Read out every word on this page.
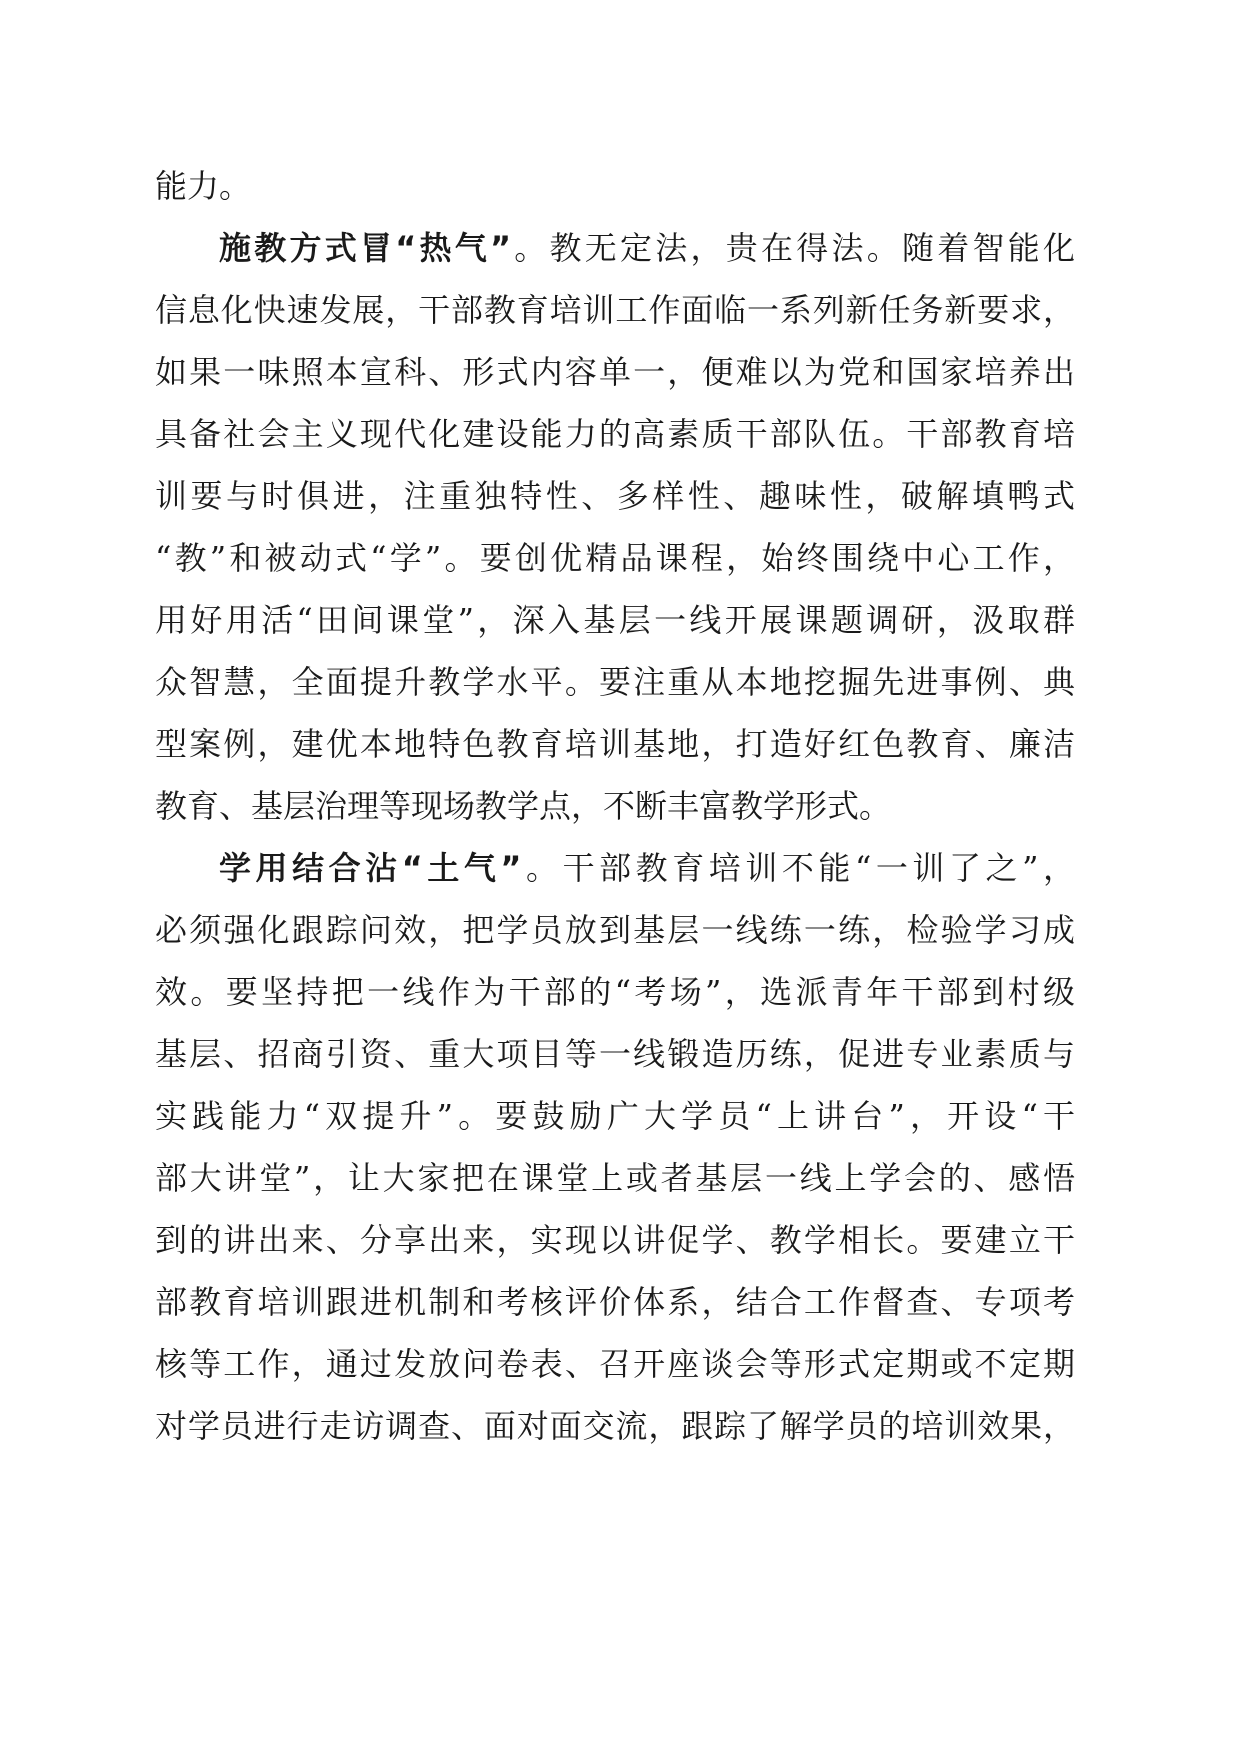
能力。
施教方式冒“热气”。教无定法，贵在得法。随着智能化
信息化快速发展，干部教育培训工作面临一系列新任务新要求，
如果一味照本宣科、形式内容单一，便难以为党和国家培养出
具备社会主义现代化建设能力的高素质干部队伍。干部教育培
训要与时俱进，注重独特性、多样性、趣味性，破解填鸭式
“教”和被动式“学”。要创优精品课程，始终围绕中心工作，
用好用活“田间课堂”，深入基层一线开展课题调研，汲取群
众智慧，全面提升教学水平。要注重从本地挖掘先进事例、典
型案例，建优本地特色教育培训基地，打造好红色教育、廉洁
教育、基层治理等现场教学点，不断丰富教学形式。
学用结合沾“土气”。干部教育培训不能“一训了之”，
必须强化跟踪问效，把学员放到基层一线练一练，检验学习成
效。要坚持把一线作为干部的“考场”，选派青年干部到村级
基层、招商引资、重大项目等一线锻造历练，促进专业素质与
实践能力“双提升”。要鼓励广大学员“上讲台”，开设“干
部大讲堂”，让大家把在课堂上或者基层一线上学会的、感悟
到的讲出来、分享出来，实现以讲促学、教学相长。要建立干
部教育培训跟进机制和考核评价体系，结合工作督查、专项考
核等工作，通过发放问卷表、召开座谈会等形式定期或不定期
对学员进行走访调查、面对面交流，跟踪了解学员的培训效果，
